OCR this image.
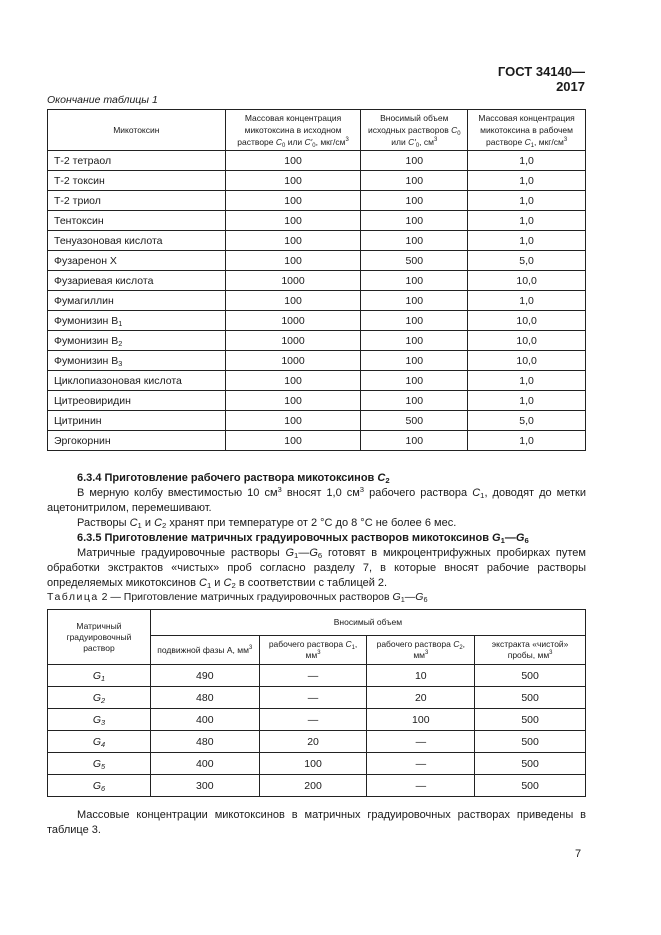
ГОСТ 34140—2017
Окончание таблицы 1
Микотоксин	Массовая концентрация микотоксина в исходном растворе $C_0$ или $C'_0$, мкг/$см^3$	Вносимый объем исходных растворов $C_0$ или $C'_0$, $см^3$	Массовая концентрация микотоксина в рабочем растворе $C_1$, мкг/$см^3$
Т-2 тетраол	100	100	1,0
Т-2 токсин	100	100	1,0
Т-2 триол	100	100	1,0
Тентоксин	100	100	1,0
Тенуазоновая кислота	100	100	1,0
Фузаренон X	100	500	5,0
Фузариевая кислота	1000	100	10,0
Фумагиллин	100	100	1,0
Фумонизин $B_1$	1000	100	10,0
Фумонизин $B_2$	1000	100	10,0
Фумонизин $B_3$	1000	100	10,0
Циклопиазоновая кислота	100	100	1,0
Цитреовиридин	100	100	1,0
Цитринин	100	500	5,0
Эргокорнин	100	100	1,0
6.3.4 Приготовление рабочего раствора микотоксинов $C_2$
В мерную колбу вместимостью 10 $см^3$ вносят 1,0 $см^3$ рабочего раствора $C_1$, доводят до метки ацетонитрилом, перемешивают.
Растворы $C_1$ и $C_2$ хранят при температуре от 2 °C до 8 °C не более 6 мес.
6.3.5 Приготовление матричных градуировочных растворов микотоксинов $G_1—G_6$
Матричные градуировочные растворы $G_1—G_6$ готовят в микроцентрифужных пробирках путем обработки экстрактов «чистых» проб согласно разделу 7, в которые вносят рабочие растворы определяемых микотоксинов $C_1$ и $C_2$ в соответствии с таблицей 2.
Таблица 2 — Приготовление матричных градуировочных растворов $G_1—G_6$
Матричный градуировочный раствор	Вносимый объем			
	подвижной фазы A, $мм^3$	рабочего раствора $C_1$, $мм^3$	рабочего раствора $C_2$, $мм^3$	экстракта «чистой» пробы, $мм^3$
$G_1$	490	—	10	500
$G_2$	480	—	20	500
$G_3$	400	—	100	500
$G_4$	480	20	—	500
$G_5$	400	100	—	500
$G_6$	300	200	—	500
Массовые концентрации микотоксинов в матричных градуировочных растворах приведены в таблице 3.
7
